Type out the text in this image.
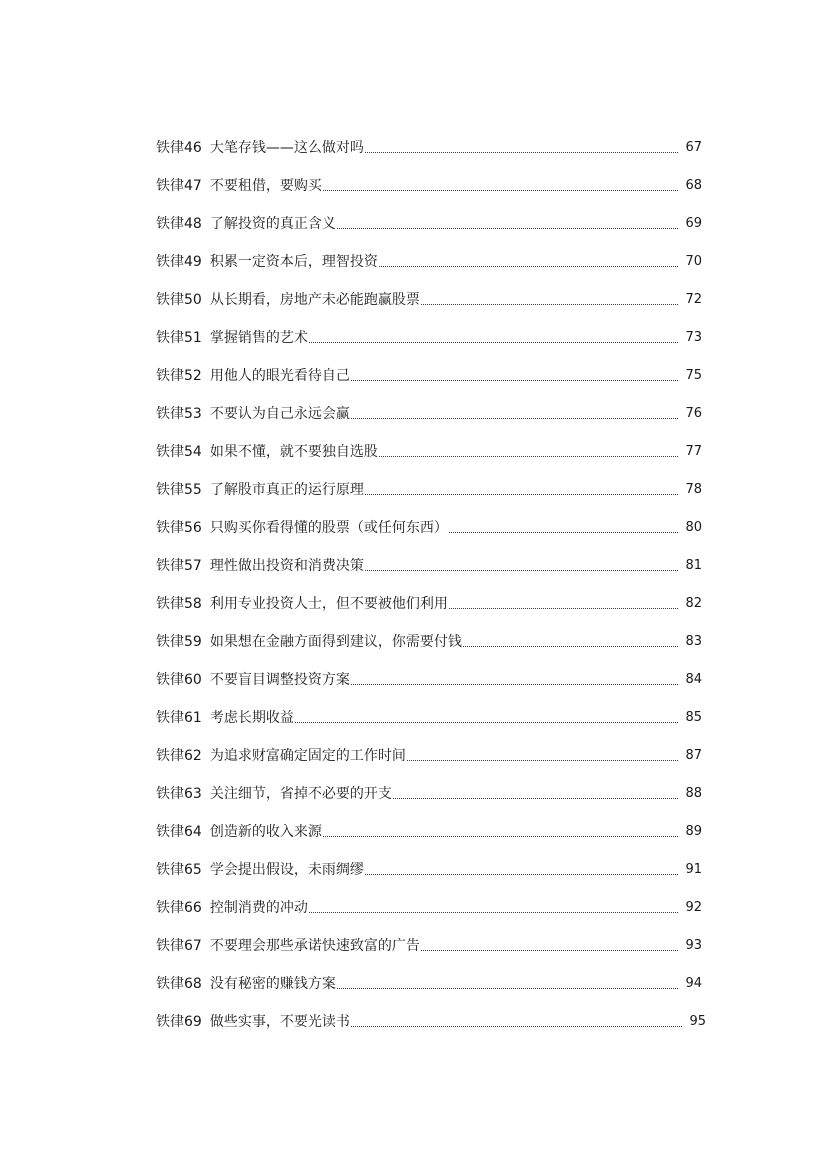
铁律46 大笔存钱——这么做对吗	67
铁律47 不要租借，要购买	68
铁律48 了解投资的真正含义	69
铁律49 积累一定资本后，理智投资	70
铁律50 从长期看，房地产未必能跑赢股票	72
铁律51 掌握销售的艺术	73
铁律52 用他人的眼光看待自己	75
铁律53 不要认为自己永远会赢	76
铁律54 如果不懂，就不要独自选股	77
铁律55 了解股市真正的运行原理	78
铁律56 只购买你看得懂的股票（或任何东西）	80
铁律57 理性做出投资和消费决策	81
铁律58 利用专业投资人士，但不要被他们利用	82
铁律59 如果想在金融方面得到建议，你需要付钱	83
铁律60 不要盲目调整投资方案	84
铁律61 考虑长期收益	85
铁律62 为追求财富确定固定的工作时间	87
铁律63 关注细节，省掉不必要的开支	88
铁律64 创造新的收入来源	89
铁律65 学会提出假设，未雨绸缪	91
铁律66 控制消费的冲动	92
铁律67 不要理会那些承诺快速致富的广告	93
铁律68 没有秘密的赚钱方案	94
铁律69 做些实事，不要光读书	95
